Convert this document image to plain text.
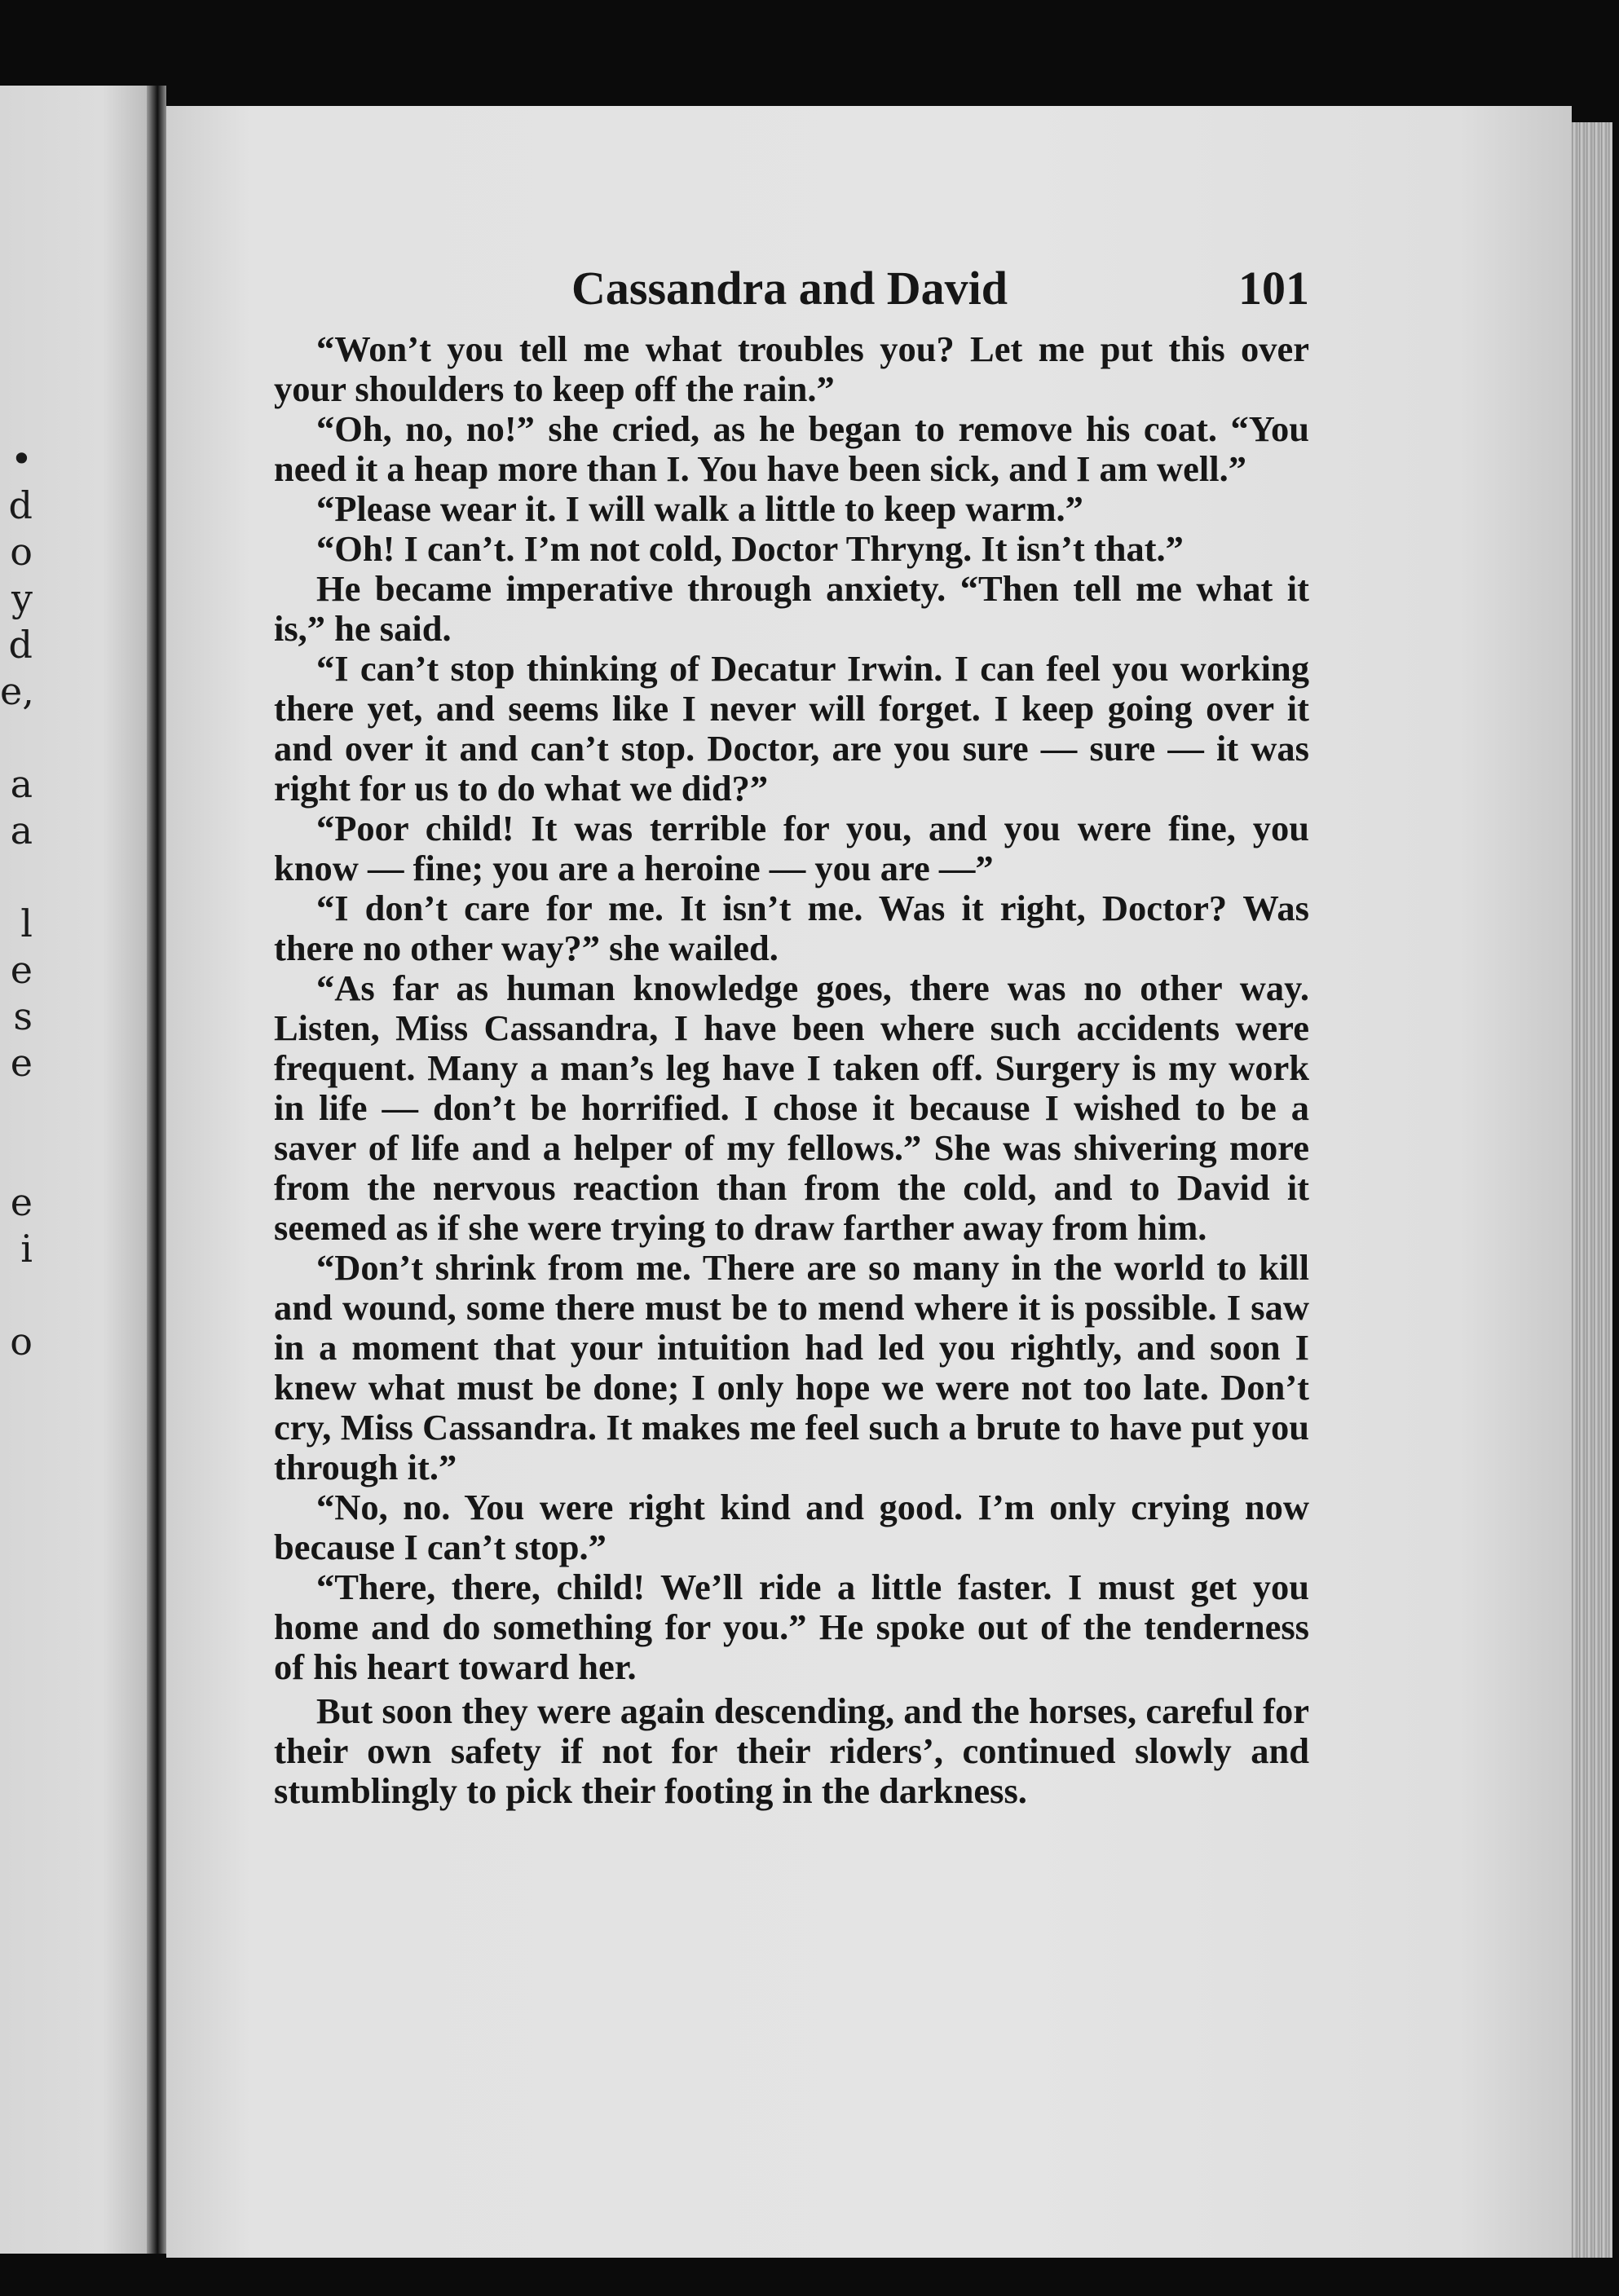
•
d
o
y
d
e,
a
a
l
e
s
e
e
i
o
Cassandra and David	101

“Won’t you tell me what troubles you? Let me put this over your shoulders to keep off the rain.”

“Oh, no, no!” she cried, as he began to remove his coat. “You need it a heap more than I. You have been sick, and I am well.”

“Please wear it. I will walk a little to keep warm.”

“Oh! I can’t. I’m not cold, Doctor Thryng. It isn’t that.”

He became imperative through anxiety. “Then tell me what it is,” he said.

“I can’t stop thinking of Decatur Irwin. I can feel you working there yet, and seems like I never will forget. I keep going over it and over it and can’t stop. Doctor, are you sure — sure — it was right for us to do what we did?”

“Poor child! It was terrible for you, and you were fine, you know — fine; you are a heroine — you are —”

“I don’t care for me. It isn’t me. Was it right, Doctor? Was there no other way?” she wailed.

“As far as human knowledge goes, there was no other way. Listen, Miss Cassandra, I have been where such accidents were frequent. Many a man’s leg have I taken off. Surgery is my work in life — don’t be horrified. I chose it because I wished to be a saver of life and a helper of my fellows.” She was shivering more from the nervous reaction than from the cold, and to David it seemed as if she were trying to draw farther away from him.

“Don’t shrink from me. There are so many in the world to kill and wound, some there must be to mend where it is possible. I saw in a moment that your intuition had led you rightly, and soon I knew what must be done; I only hope we were not too late. Don’t cry, Miss Cassandra. It makes me feel such a brute to have put you through it.”

“No, no. You were right kind and good. I’m only crying now because I can’t stop.”

“There, there, child! We’ll ride a little faster. I must get you home and do something for you.” He spoke out of the tenderness of his heart toward her.

But soon they were again descending, and the horses, careful for their own safety if not for their riders’, continued slowly and stumblingly to pick their footing in the darkness.
